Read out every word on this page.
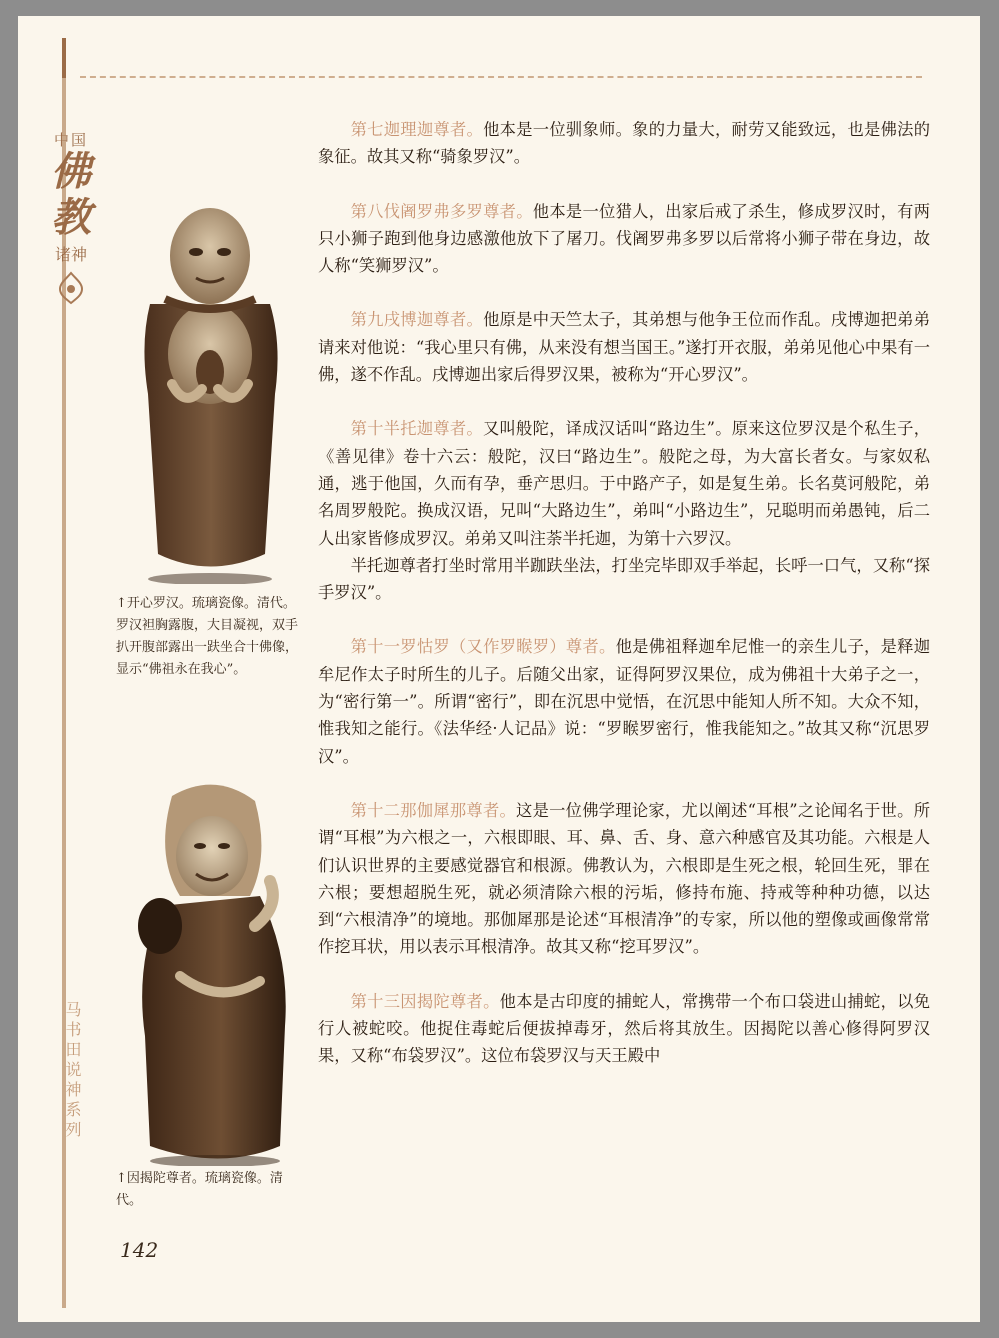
中国
佛
教
诸神
马书田说神系列
↑开心罗汉。琉璃瓷像。清代。罗汉袒胸露腹，大目凝视，双手扒开腹部露出一趺坐合十佛像，显示“佛祖永在我心”。
↑因揭陀尊者。琉璃瓷像。清代。

第七迦理迦尊者。他本是一位驯象师。象的力量大，耐劳又能致远，也是佛法的象征。故其又称“骑象罗汉”。

第八伐阇罗弗多罗尊者。他本是一位猎人，出家后戒了杀生，修成罗汉时，有两只小狮子跑到他身边感激他放下了屠刀。伐阇罗弗多罗以后常将小狮子带在身边，故人称“笑狮罗汉”。

第九戌博迦尊者。他原是中天竺太子，其弟想与他争王位而作乱。戌博迦把弟弟请来对他说：“我心里只有佛，从来没有想当国王。”遂打开衣服，弟弟见他心中果有一佛，遂不作乱。戌博迦出家后得罗汉果，被称为“开心罗汉”。

第十半托迦尊者。又叫般陀，译成汉话叫“路边生”。原来这位罗汉是个私生子，《善见律》卷十六云：般陀，汉曰“路边生”。般陀之母，为大富长者女。与家奴私通，逃于他国，久而有孕，垂产思归。于中路产子，如是复生弟。长名莫诃般陀，弟名周罗般陀。换成汉语，兄叫“大路边生”，弟叫“小路边生”，兄聪明而弟愚钝，后二人出家皆修成罗汉。弟弟又叫注荼半托迦，为第十六罗汉。

半托迦尊者打坐时常用半跏趺坐法，打坐完毕即双手举起，长呼一口气，又称“探手罗汉”。

第十一罗怙罗（又作罗睺罗）尊者。他是佛祖释迦牟尼惟一的亲生儿子，是释迦牟尼作太子时所生的儿子。后随父出家，证得阿罗汉果位，成为佛祖十大弟子之一，为“密行第一”。所谓“密行”，即在沉思中觉悟，在沉思中能知人所不知。大众不知，惟我知之能行。《法华经·人记品》说：“罗睺罗密行，惟我能知之。”故其又称“沉思罗汉”。

第十二那伽犀那尊者。这是一位佛学理论家，尤以阐述“耳根”之论闻名于世。所谓“耳根”为六根之一，六根即眼、耳、鼻、舌、身、意六种感官及其功能。六根是人们认识世界的主要感觉器官和根源。佛教认为，六根即是生死之根，轮回生死，罪在六根；要想超脱生死，就必须清除六根的污垢，修持布施、持戒等种种功德，以达到“六根清净”的境地。那伽犀那是论述“耳根清净”的专家，所以他的塑像或画像常常作挖耳状，用以表示耳根清净。故其又称“挖耳罗汉”。

第十三因揭陀尊者。他本是古印度的捕蛇人，常携带一个布口袋进山捕蛇，以免行人被蛇咬。他捉住毒蛇后便拔掉毒牙，然后将其放生。因揭陀以善心修得阿罗汉果，又称“布袋罗汉”。这位布袋罗汉与天王殿中

142
